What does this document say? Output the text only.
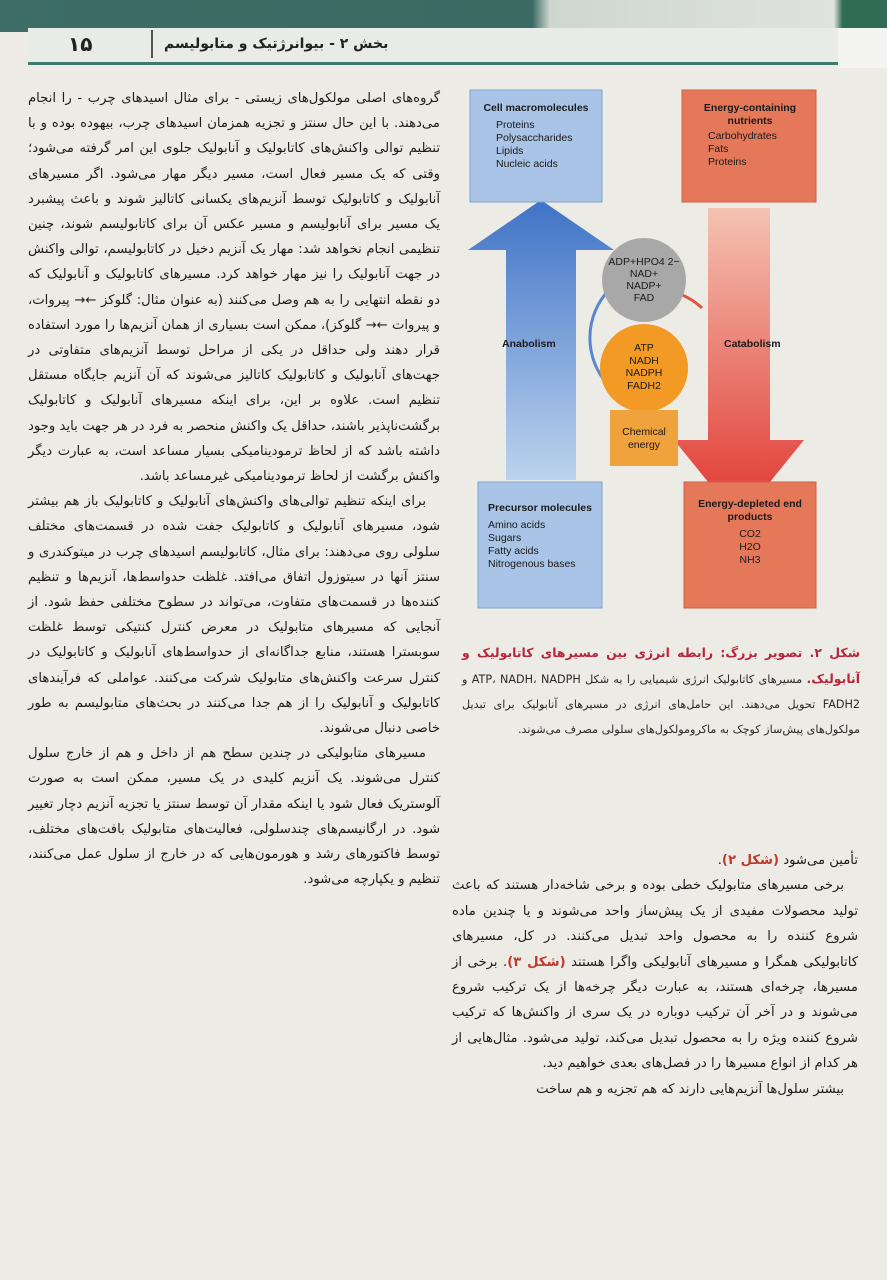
۱۵	بخش ۲ - بیوانرژتیک و متابولیسم

گروه‌های اصلی مولکول‌های زیستی - برای مثال اسیدهای چرب - را انجام می‌دهند. با این حال سنتز و تجزیه همزمان اسیدهای چرب، بیهوده بوده و با تنظیم توالی واکنش‌های کاتابولیک و آنابولیک جلوی این امر گرفته می‌شود؛ وقتی که یک مسیر فعال است، مسیر دیگر مهار می‌شود. اگر مسیرهای آنابولیک و کاتابولیک توسط آنزیم‌های یکسانی کاتالیز شوند و باعث پیشبرد یک مسیر برای آنابولیسم و مسیر عکس آن برای کاتابولیسم شوند، چنین تنظیمی انجام نخواهد شد: مهار یک آنزیم دخیل در کاتابولیسم، توالی واکنش در جهت آنابولیک را نیز مهار خواهد کرد. مسیرهای کاتابولیک و آنابولیک که دو نقطه انتهایی را به هم وصل می‌کنند (به عنوان مثال: گلوکز ←→ پیروات، و پیروات ←→ گلوکز)، ممکن است بسیاری از همان آنزیم‌ها را مورد استفاده قرار دهند ولی حداقل در یکی از مراحل توسط آنزیم‌های متفاوتی در جهت‌های آنابولیک و کاتابولیک کاتالیز می‌شوند که آن آنزیم جایگاه مستقل تنظیم است. علاوه بر این، برای اینکه مسیرهای آنابولیک و کاتابولیک برگشت‌ناپذیر باشند، حداقل یک واکنش منحصر به فرد در هر جهت باید وجود داشته باشد که از لحاظ ترمودینامیکی بسیار مساعد است، به عبارت دیگر واکنش برگشت از لحاظ ترمودینامیکی غیرمساعد باشد.

برای اینکه تنظیم توالی‌های واکنش‌های آنابولیک و کاتابولیک باز هم بیشتر شود، مسیرهای آنابولیک و کاتابولیک جفت شده در قسمت‌های مختلف سلولی روی می‌دهند: برای مثال، کاتابولیسم اسیدهای چرب در میتوکندری و سنتز آنها در سیتوزول اتفاق می‌افتد. غلظت حدواسط‌ها، آنزیم‌ها و تنظیم کننده‌ها در قسمت‌های متفاوت، می‌تواند در سطوح مختلفی حفظ شود. از آنجایی که مسیرهای متابولیک در معرض کنترل کنتیکی توسط غلظت سوبسترا هستند، منابع جداگانه‌ای از حدواسط‌های آنابولیک و کاتابولیک در کنترل سرعت واکنش‌های متابولیک شرکت می‌کنند. عواملی که فرآیندهای کاتابولیک و آنابولیک را از هم جدا می‌کنند در بحث‌های متابولیسم به طور خاصی دنبال می‌شوند.

مسیرهای متابولیکی در چندین سطح هم از داخل و هم از خارج سلول کنترل می‌شوند. یک آنزیم کلیدی در یک مسیر، ممکن است به صورت آلوستریک فعال شود یا اینکه مقدار آن توسط سنتز یا تجزیه آنزیم دچار تغییر شود. در ارگانیسم‌های چندسلولی، فعالیت‌های متابولیک بافت‌های مختلف، توسط فاکتورهای رشد و هورمون‌هایی که در خارج از سلول عمل می‌کنند، تنظیم و یکپارچه می‌شود.

Cell macromolecules
Proteins
Polysaccharides
Lipids
Nucleic acids
Energy-containing nutrients
Carbohydrates
Fats
Proteins
Anabolism	Catabolism
ADP+HPO4 2−
NAD+
NADP+
FAD
ATP
NADH
NADPH
FADH2
Chemical energy
Precursor molecules
Amino acids
Sugars
Fatty acids
Nitrogenous bases
Energy-depleted end products
CO2
H2O
NH3
شکل ۲. تصویر بزرگ: رابطه انرژی بین مسیرهای کاتابولیک و آنابولیک. مسیرهای کاتابولیک انرژی شیمیایی را به شکل ATP، NADH، NADPH و FADH2 تحویل می‌دهند. این حامل‌های انرژی در مسیرهای آنابولیک برای تبدیل مولکول‌های پیش‌ساز کوچک به ماکرومولکول‌های سلولی مصرف می‌شوند.

تأمین می‌شود (شکل ۲).

برخی مسیرهای متابولیک خطی بوده و برخی شاخه‌دار هستند که باعث تولید محصولات مفیدی از یک پیش‌ساز واحد می‌شوند و یا چندین ماده شروع کننده را به محصول واحد تبدیل می‌کنند. در کل، مسیرهای کاتابولیکی همگرا و مسیرهای آنابولیکی واگرا هستند (شکل ۳). برخی از مسیرها، چرخه‌ای هستند، به عبارت دیگر چرخه‌ها از یک ترکیب شروع می‌شوند و در آخر آن ترکیب دوباره در یک سری از واکنش‌ها که ترکیب شروع کننده ویژه را به محصول تبدیل می‌کند، تولید می‌شود. مثال‌هایی از هر کدام از انواع مسیرها را در فصل‌های بعدی خواهیم دید.

بیشتر سلول‌ها آنزیم‌هایی دارند که هم تجزیه و هم ساخت
